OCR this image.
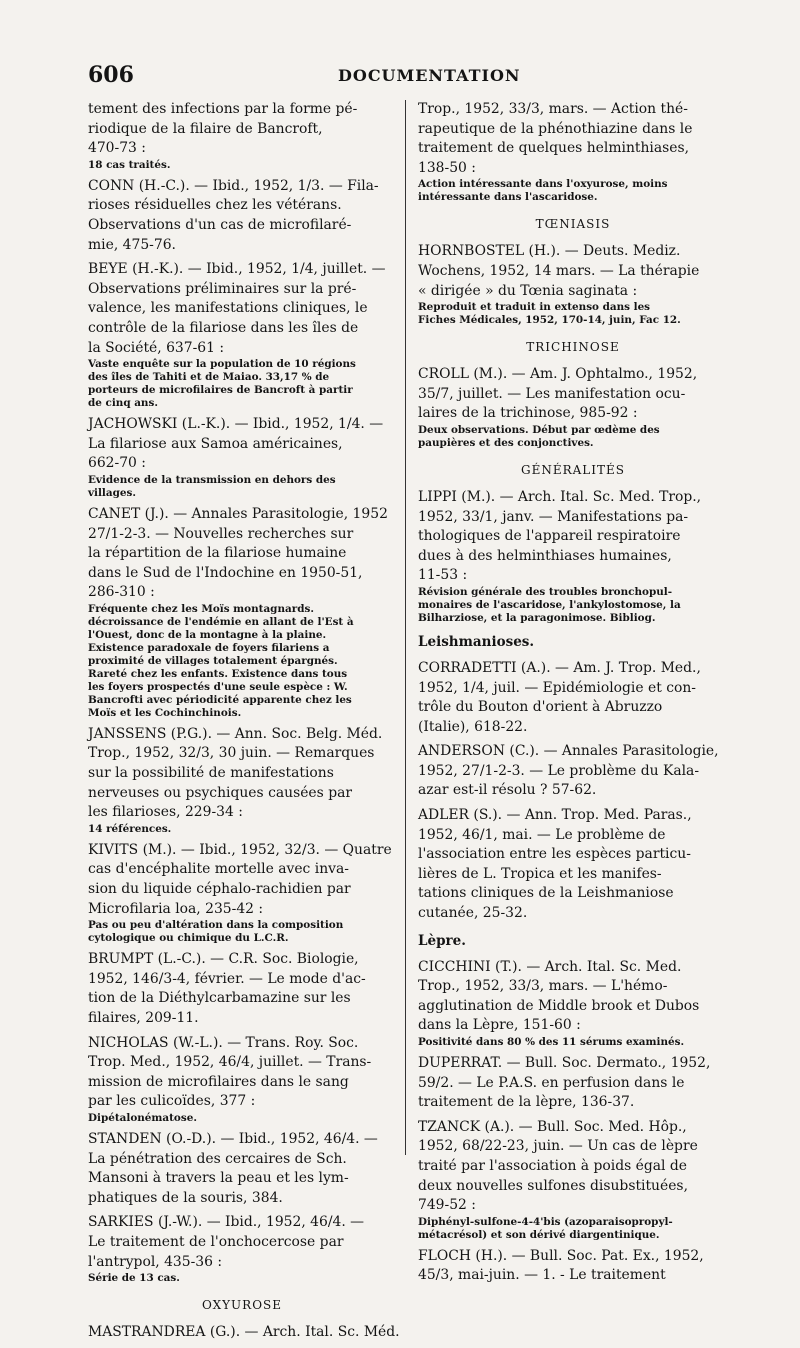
606	DOCUMENTATION
tement des infections par la forme pé-
riodique de la filaire de Bancroft,
470-73 :
18 cas traités.
CONN (H.-C.). — Ibid., 1952, 1/3. — Fila-
rioses résiduelles chez les vétérans.
Observations d'un cas de microfilaré-
mie, 475-76.
BEYE (H.-K.). — Ibid., 1952, 1/4, juillet. —
Observations préliminaires sur la pré-
valence, les manifestations cliniques, le
contrôle de la filariose dans les îles de
la Société, 637-61 :
Vaste enquête sur la population de 10 régions
des îles de Tahiti et de Maiao. 33,17 % de
porteurs de microfilaires de Bancroft à partir
de cinq ans.
JACHOWSKI (L.-K.). — Ibid., 1952, 1/4. —
La filariose aux Samoa américaines,
662-70 :
Evidence de la transmission en dehors des
villages.
CANET (J.). — Annales Parasitologie, 1952
27/1-2-3. — Nouvelles recherches sur
la répartition de la filariose humaine
dans le Sud de l'Indochine en 1950-51,
286-310 :
Fréquente chez les Moïs montagnards.
décroissance de l'endémie en allant de l'Est à
l'Ouest, donc de la montagne à la plaine.
Existence paradoxale de foyers filariens a
proximité de villages totalement épargnés.
Rareté chez les enfants. Existence dans tous
les foyers prospectés d'une seule espèce : W.
Bancrofti avec périodicité apparente chez les
Moïs et les Cochinchinois.
JANSSENS (P.G.). — Ann. Soc. Belg. Méd.
Trop., 1952, 32/3, 30 juin. — Remarques
sur la possibilité de manifestations
nerveuses ou psychiques causées par
les filarioses, 229-34 :
14 références.
KIVITS (M.). — Ibid., 1952, 32/3. — Quatre
cas d'encéphalite mortelle avec inva-
sion du liquide céphalo-rachidien par
Microfilaria loa, 235-42 :
Pas ou peu d'altération dans la composition
cytologique ou chimique du L.C.R.
BRUMPT (L.-C.). — C.R. Soc. Biologie,
1952, 146/3-4, février. — Le mode d'ac-
tion de la Diéthylcarbamazine sur les
filaires, 209-11.
NICHOLAS (W.-L.). — Trans. Roy. Soc.
Trop. Med., 1952, 46/4, juillet. — Trans-
mission de microfilaires dans le sang
par les culicoïdes, 377 :
Dipétalonématose.
STANDEN (O.-D.). — Ibid., 1952, 46/4. —
La pénétration des cercaires de Sch.
Mansoni à travers la peau et les lym-
phatiques de la souris, 384.
SARKIES (J.-W.). — Ibid., 1952, 46/4. —
Le traitement de l'onchocercose par
l'antrypol, 435-36 :
Série de 13 cas.
OXYUROSE
MASTRANDREA (G.). — Arch. Ital. Sc. Méd.
Trop., 1952, 33/3, mars. — Action thé-
rapeutique de la phénothiazine dans le
traitement de quelques helminthiases,
138-50 :
Action intéressante dans l'oxyurose, moins
intéressante dans l'ascaridose.
TŒNIASIS
HORNBOSTEL (H.). — Deuts. Mediz.
Wochens, 1952, 14 mars. — La thérapie
« dirigée » du Tœnia saginata :
Reproduit et traduit in extenso dans les
Fiches Médicales, 1952, 170-14, juin, Fac 12.
TRICHINOSE
CROLL (M.). — Am. J. Ophtalmo., 1952,
35/7, juillet. — Les manifestation ocu-
laires de la trichinose, 985-92 :
Deux observations. Début par œdème des
paupières et des conjonctives.
GÉNÉRALITÉS
LIPPI (M.). — Arch. Ital. Sc. Med. Trop.,
1952, 33/1, janv. — Manifestations pa-
thologiques de l'appareil respiratoire
dues à des helminthiases humaines,
11-53 :
Révision générale des troubles bronchopul-
monaires de l'ascaridose, l'ankylostomose, la
Bilharziose, et la paragonimose. Bibliog.
Leishmanioses.
CORRADETTI (A.). — Am. J. Trop. Med.,
1952, 1/4, juil. — Epidémiologie et con-
trôle du Bouton d'orient à Abruzzo
(Italie), 618-22.
ANDERSON (C.). — Annales Parasitologie,
1952, 27/1-2-3. — Le problème du Kala-
azar est-il résolu ? 57-62.
ADLER (S.). — Ann. Trop. Med. Paras.,
1952, 46/1, mai. — Le problème de
l'association entre les espèces particu-
lières de L. Tropica et les manifes-
tations cliniques de la Leishmaniose
cutanée, 25-32.
Lèpre.
CICCHINI (T.). — Arch. Ital. Sc. Med.
Trop., 1952, 33/3, mars. — L'hémo-
agglutination de Middle brook et Dubos
dans la Lèpre, 151-60 :
Positivité dans 80 % des 11 sérums examinés.
DUPERRAT. — Bull. Soc. Dermato., 1952,
59/2. — Le P.A.S. en perfusion dans le
traitement de la lèpre, 136-37.
TZANCK (A.). — Bull. Soc. Med. Hôp.,
1952, 68/22-23, juin. — Un cas de lèpre
traité par l'association à poids égal de
deux nouvelles sulfones disubstituées,
749-52 :
Diphényl-sulfone-4-4'bis (azoparaisopropyl-
métacrésol) et son dérivé diargentinique.
FLOCH (H.). — Bull. Soc. Pat. Ex., 1952,
45/3, mai-juin. — 1. - Le traitement
